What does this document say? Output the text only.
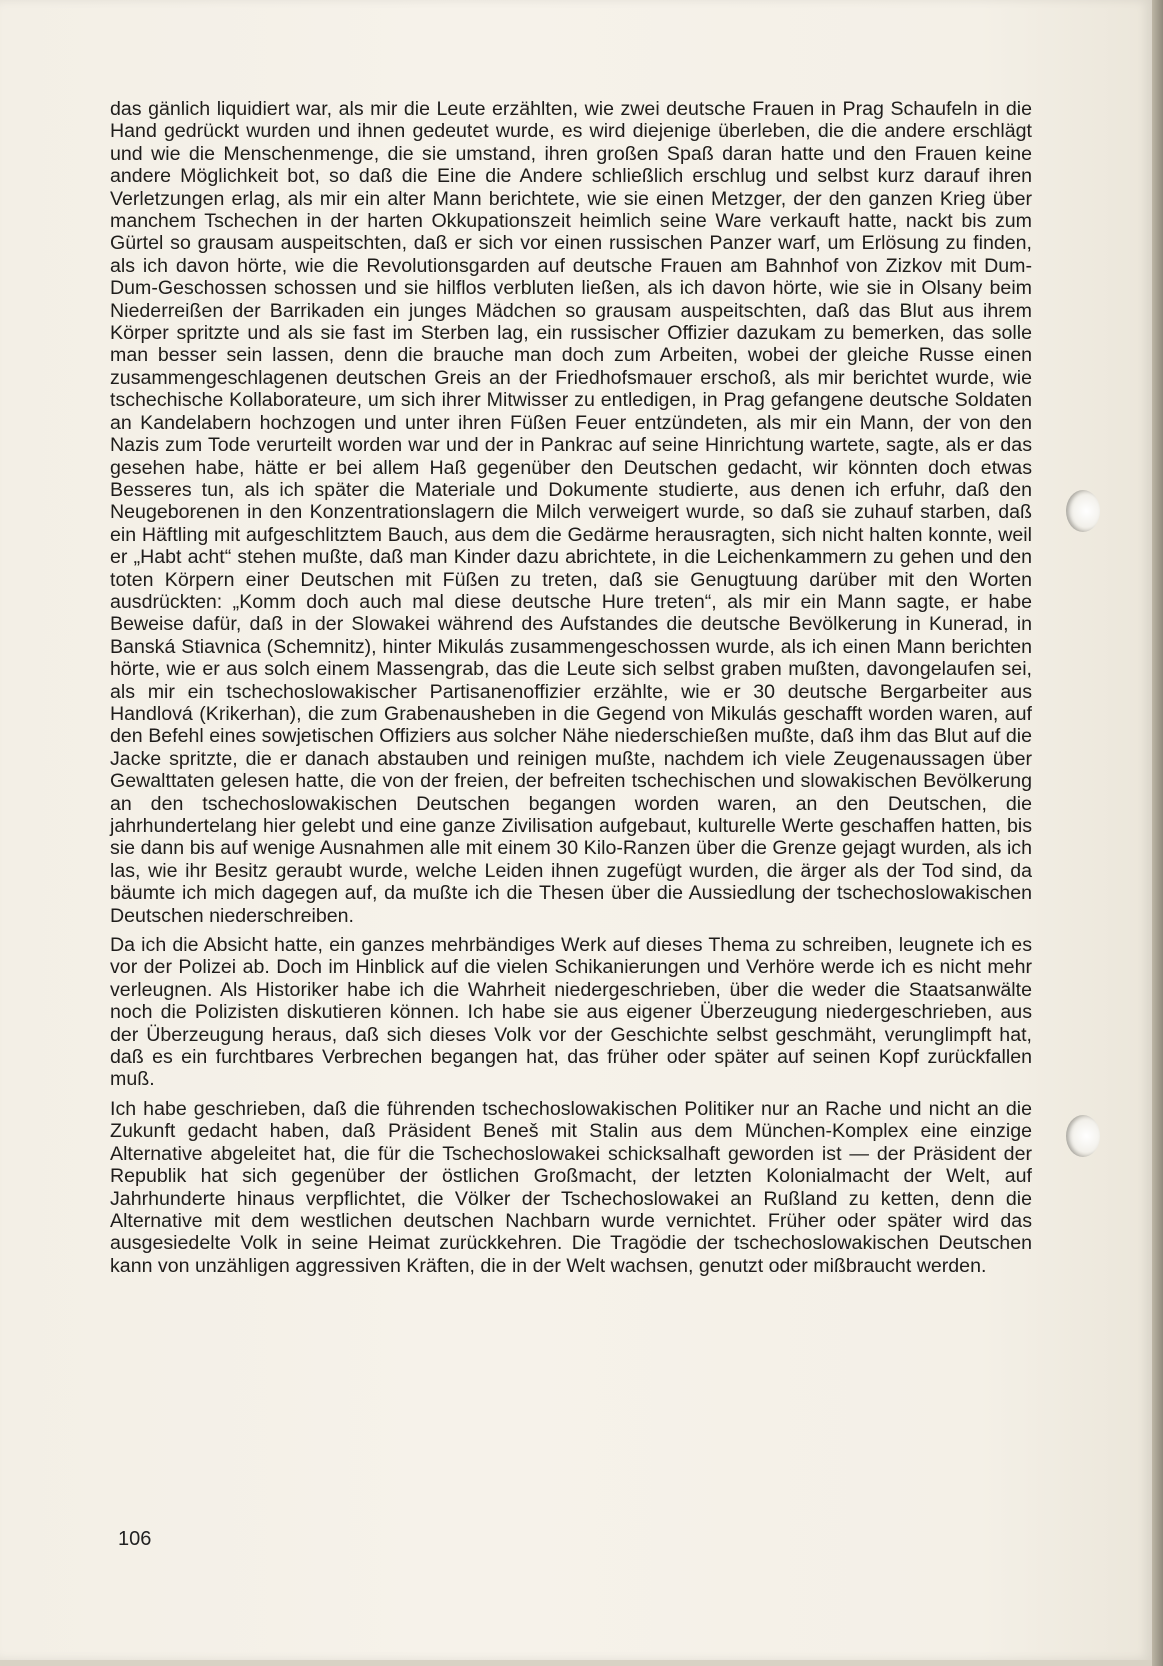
das gänlich liquidiert war, als mir die Leute erzählten, wie zwei deutsche Frauen in Prag Schaufeln in die Hand gedrückt wurden und ihnen gedeutet wurde, es wird diejenige überleben, die die andere erschlägt und wie die Menschenmenge, die sie umstand, ihren großen Spaß daran hatte und den Frauen keine andere Möglichkeit bot, so daß die Eine die Andere schließlich erschlug und selbst kurz darauf ihren Verletzungen erlag, als mir ein alter Mann berichtete, wie sie einen Metzger, der den ganzen Krieg über manchem Tschechen in der harten Okkupationszeit heimlich seine Ware verkauft hatte, nackt bis zum Gürtel so grausam auspeitschten, daß er sich vor einen russischen Panzer warf, um Erlösung zu finden, als ich davon hörte, wie die Revolutionsgarden auf deutsche Frauen am Bahnhof von Zizkov mit Dum-Dum-Geschossen schossen und sie hilflos verbluten ließen, als ich davon hörte, wie sie in Olsany beim Niederreißen der Barrikaden ein junges Mädchen so grausam auspeitschten, daß das Blut aus ihrem Körper spritzte und als sie fast im Sterben lag, ein russischer Offizier dazukam zu bemerken, das solle man besser sein lassen, denn die brauche man doch zum Arbeiten, wobei der gleiche Russe einen zusammengeschlagenen deutschen Greis an der Friedhofsmauer erschoß, als mir berichtet wurde, wie tschechische Kollaborateure, um sich ihrer Mitwisser zu entledigen, in Prag gefangene deutsche Soldaten an Kandelabern hochzogen und unter ihren Füßen Feuer entzündeten, als mir ein Mann, der von den Nazis zum Tode verurteilt worden war und der in Pankrac auf seine Hinrichtung wartete, sagte, als er das gesehen habe, hätte er bei allem Haß gegenüber den Deutschen gedacht, wir könnten doch etwas Besseres tun, als ich später die Materiale und Dokumente studierte, aus denen ich erfuhr, daß den Neugeborenen in den Konzentrationslagern die Milch verweigert wurde, so daß sie zuhauf starben, daß ein Häftling mit aufgeschlitztem Bauch, aus dem die Gedärme herausragten, sich nicht halten konnte, weil er „Habt acht“ stehen mußte, daß man Kinder dazu abrichtete, in die Leichenkammern zu gehen und den toten Körpern einer Deutschen mit Füßen zu treten, daß sie Genugtuung darüber mit den Worten ausdrückten: „Komm doch auch mal diese deutsche Hure treten“, als mir ein Mann sagte, er habe Beweise dafür, daß in der Slowakei während des Aufstandes die deutsche Bevölkerung in Kunerad, in Banská Stiavnica (Schemnitz), hinter Mikulás zusammengeschossen wurde, als ich einen Mann berichten hörte, wie er aus solch einem Massengrab, das die Leute sich selbst graben mußten, davongelaufen sei, als mir ein tschechoslowakischer Partisanenoffizier erzählte, wie er 30 deutsche Bergarbeiter aus Handlová (Krikerhan), die zum Grabenausheben in die Gegend von Mikulás geschafft worden waren, auf den Befehl eines sowjetischen Offiziers aus solcher Nähe niederschießen mußte, daß ihm das Blut auf die Jacke spritzte, die er danach abstauben und reinigen mußte, nachdem ich viele Zeugenaussagen über Gewalttaten gelesen hatte, die von der freien, der befreiten tschechischen und slowakischen Bevölkerung an den tschechoslowakischen Deutschen begangen worden waren, an den Deutschen, die jahrhundertelang hier gelebt und eine ganze Zivilisation aufgebaut, kulturelle Werte geschaffen hatten, bis sie dann bis auf wenige Ausnahmen alle mit einem 30 Kilo-Ranzen über die Grenze gejagt wurden, als ich las, wie ihr Besitz geraubt wurde, welche Leiden ihnen zugefügt wurden, die ärger als der Tod sind, da bäumte ich mich dagegen auf, da mußte ich die Thesen über die Aussiedlung der tschechoslowakischen Deutschen niederschreiben.

Da ich die Absicht hatte, ein ganzes mehrbändiges Werk auf dieses Thema zu schreiben, leugnete ich es vor der Polizei ab. Doch im Hinblick auf die vielen Schikanierungen und Verhöre werde ich es nicht mehr verleugnen. Als Historiker habe ich die Wahrheit niedergeschrieben, über die weder die Staatsanwälte noch die Polizisten diskutieren können. Ich habe sie aus eigener Überzeugung niedergeschrieben, aus der Überzeugung heraus, daß sich dieses Volk vor der Geschichte selbst geschmäht, verunglimpft hat, daß es ein furchtbares Verbrechen begangen hat, das früher oder später auf seinen Kopf zurückfallen muß.

Ich habe geschrieben, daß die führenden tschechoslowakischen Politiker nur an Rache und nicht an die Zukunft gedacht haben, daß Präsident Beneš mit Stalin aus dem München-Komplex eine einzige Alternative abgeleitet hat, die für die Tschechoslowakei schicksalhaft geworden ist — der Präsident der Republik hat sich gegenüber der östlichen Großmacht, der letzten Kolonialmacht der Welt, auf Jahrhunderte hinaus verpflichtet, die Völker der Tschechoslowakei an Rußland zu ketten, denn die Alternative mit dem westlichen deutschen Nachbarn wurde vernichtet. Früher oder später wird das ausgesiedelte Volk in seine Heimat zurückkehren. Die Tragödie der tschechoslowakischen Deutschen kann von unzähligen aggressiven Kräften, die in der Welt wachsen, genutzt oder mißbraucht werden.

106
